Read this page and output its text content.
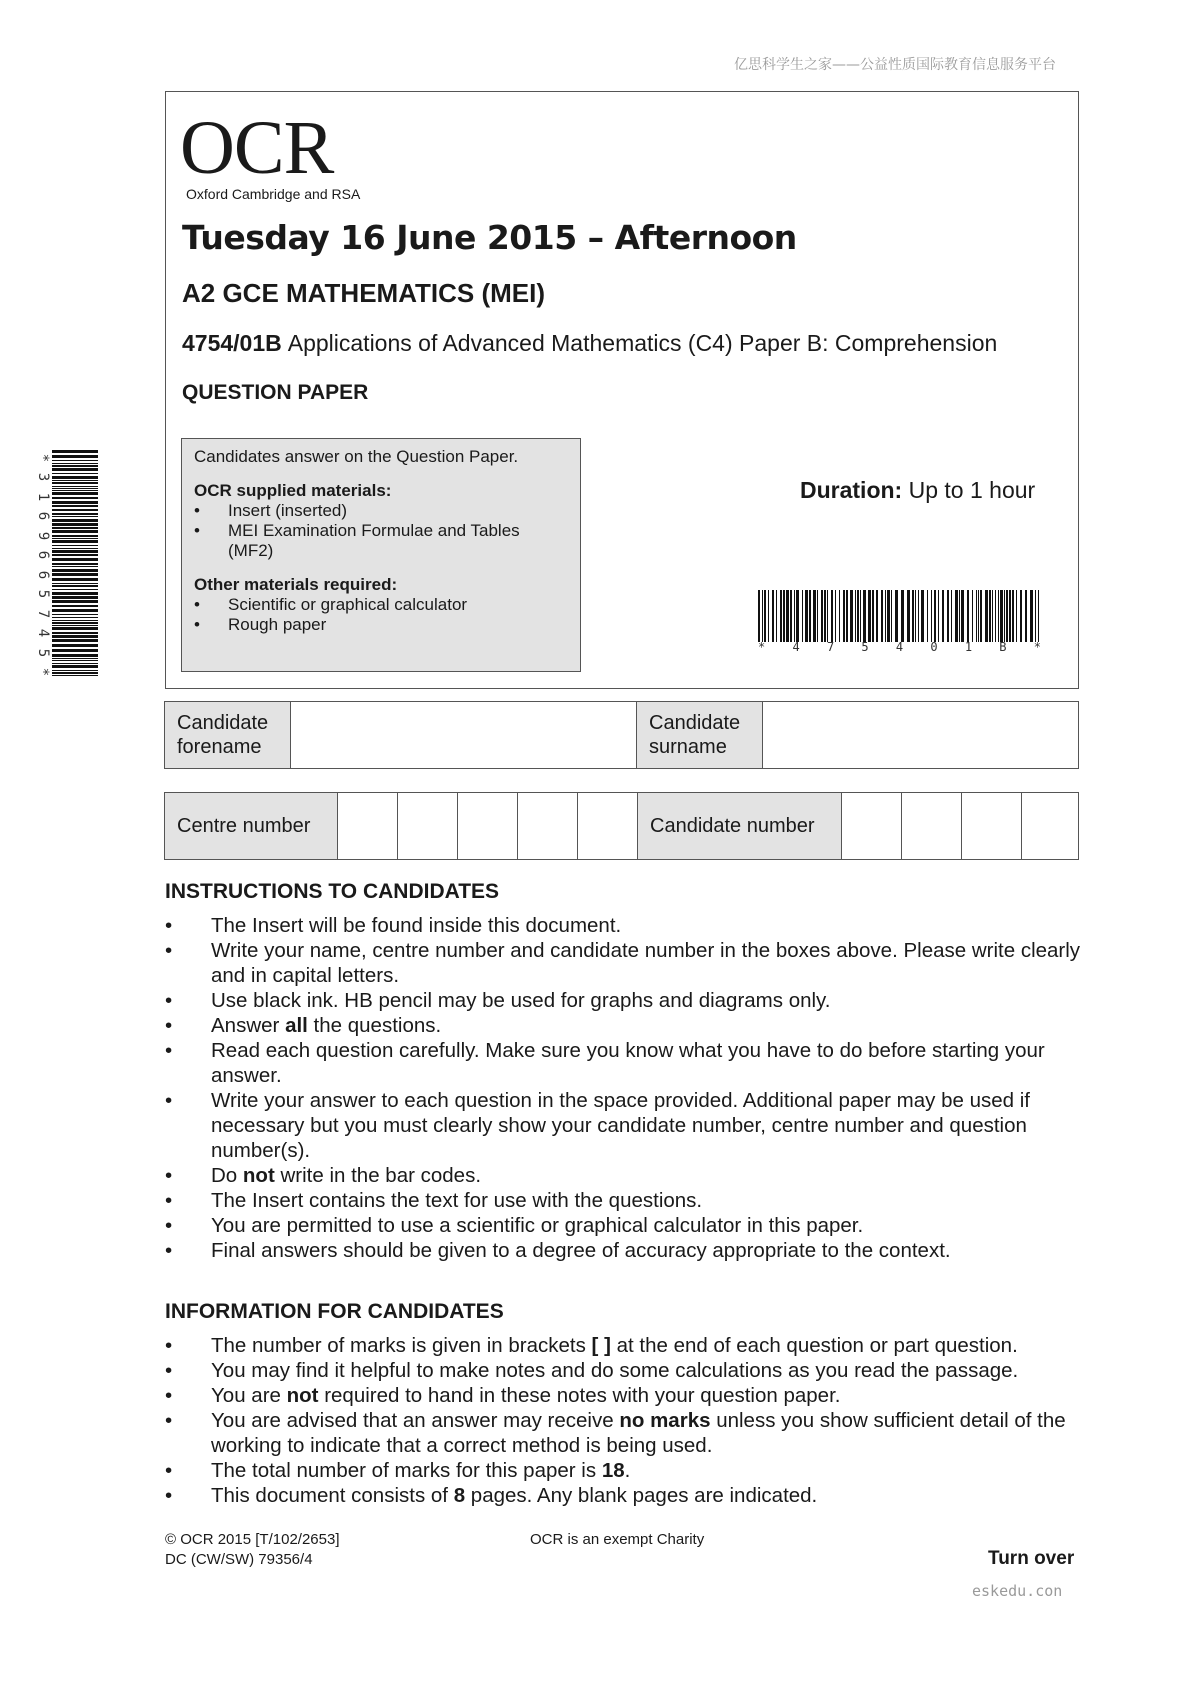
亿思科学生之家——公益性质国际教育信息服务平台
OCR
Oxford Cambridge and RSA
Tuesday 16 June 2015 – Afternoon
A2 GCE MATHEMATICS (MEI)
4754/01B Applications of Advanced Mathematics (C4) Paper B: Comprehension
QUESTION PAPER

Candidates answer on the Question Paper.

OCR supplied materials:

• Insert (inserted)
• MEI Examination Formulae and Tables (MF2)

Other materials required:

• Scientific or graphical calculator
• Rough paper
Duration: Up to 1 hour
* 4 7 5 4 0 1 B *
*
3
1
6
9
6
6
5
7
4
5
*
Candidate forename		Candidate surname	
Centre number						Candidate number				
INSTRUCTIONS TO CANDIDATES
• The Insert will be found inside this document.
• Write your name, centre number and candidate number in the boxes above. Please write clearly and in capital letters.
• Use black ink. HB pencil may be used for graphs and diagrams only.
• Answer all the questions.
• Read each question carefully. Make sure you know what you have to do before starting your answer.
• Write your answer to each question in the space provided. Additional paper may be used if necessary but you must clearly show your candidate number, centre number and question number(s).
• Do not write in the bar codes.
• The Insert contains the text for use with the questions.
• You are permitted to use a scientific or graphical calculator in this paper.
• Final answers should be given to a degree of accuracy appropriate to the context.
INFORMATION FOR CANDIDATES
• The number of marks is given in brackets [ ] at the end of each question or part question.
• You may find it helpful to make notes and do some calculations as you read the passage.
• You are not required to hand in these notes with your question paper.
• You are advised that an answer may receive no marks unless you show sufficient detail of the working to indicate that a correct method is being used.
• The total number of marks for this paper is 18.
• This document consists of 8 pages. Any blank pages are indicated.
© OCR 2015 [T/102/2653]
DC (CW/SW) 79356/4
OCR is an exempt Charity
Turn over
eskedu.con
